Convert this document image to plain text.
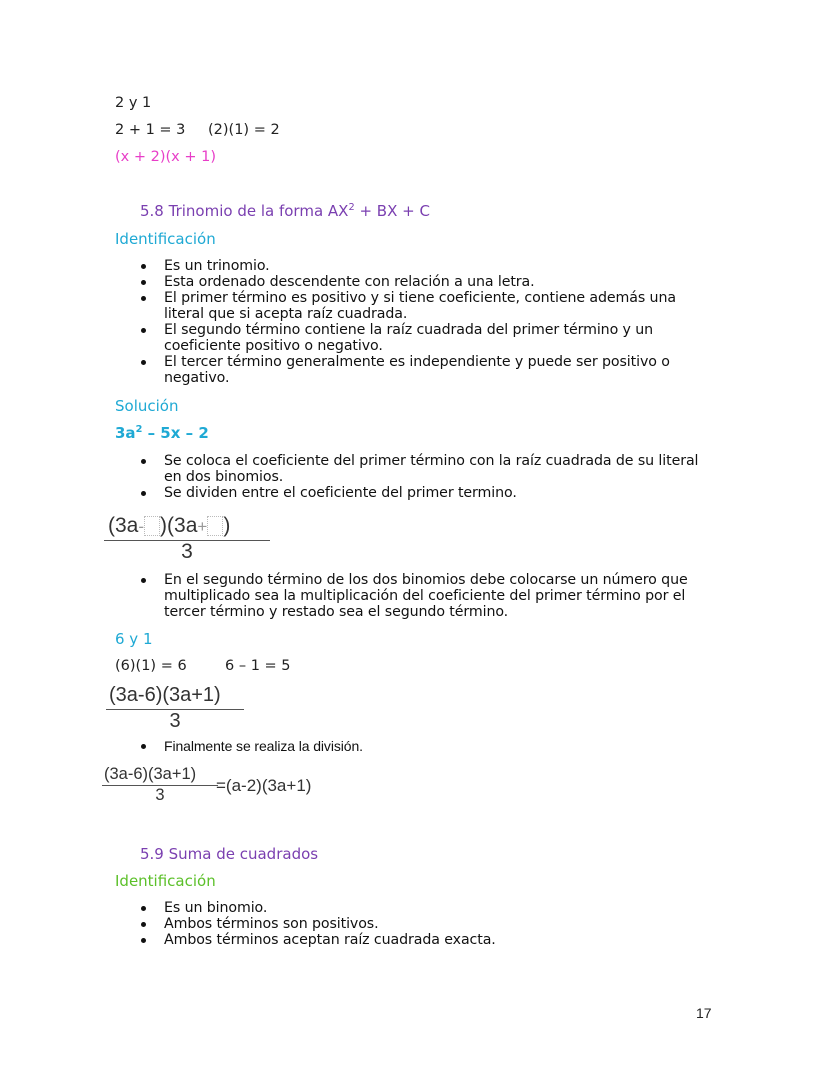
2 y 1
2 + 1 = 3 (2)(1) = 2
(x + 2)(x + 1)
5.8 Trinomio de la forma $AX^2$ + BX + C
Identificación
Es un trinomio.
Esta ordenado descendente con relación a una letra.
El primer término es positivo y si tiene coeficiente, contiene además una literal que si acepta raíz cuadrada.
El segundo término contiene la raíz cuadrada del primer término y un coeficiente positivo o negativo.
El tercer término generalmente es independiente y puede ser positivo o negativo.
Solución
$3a^2 - 5x - 2$
Se coloca el coeficiente del primer término con la raíz cuadrada de su literal en dos binomios.
Se dividen entre el coeficiente del primer termino.
(3a- )(3a+ )
3
En el segundo término de los dos binomios debe colocarse un número que multiplicado sea la multiplicación del coeficiente del primer término por el tercer término y restado sea el segundo término.
6 y 1
(6)(1) = 6	6 – 1 = 5
(3a-6)(3a+1)
3
Finalmente se realiza la división.
(3a-6)(3a+1)
3	=(a-2)(3a+1)
5.9 Suma de cuadrados
Identificación
Es un binomio.
Ambos términos son positivos.
Ambos términos aceptan raíz cuadrada exacta.
17
